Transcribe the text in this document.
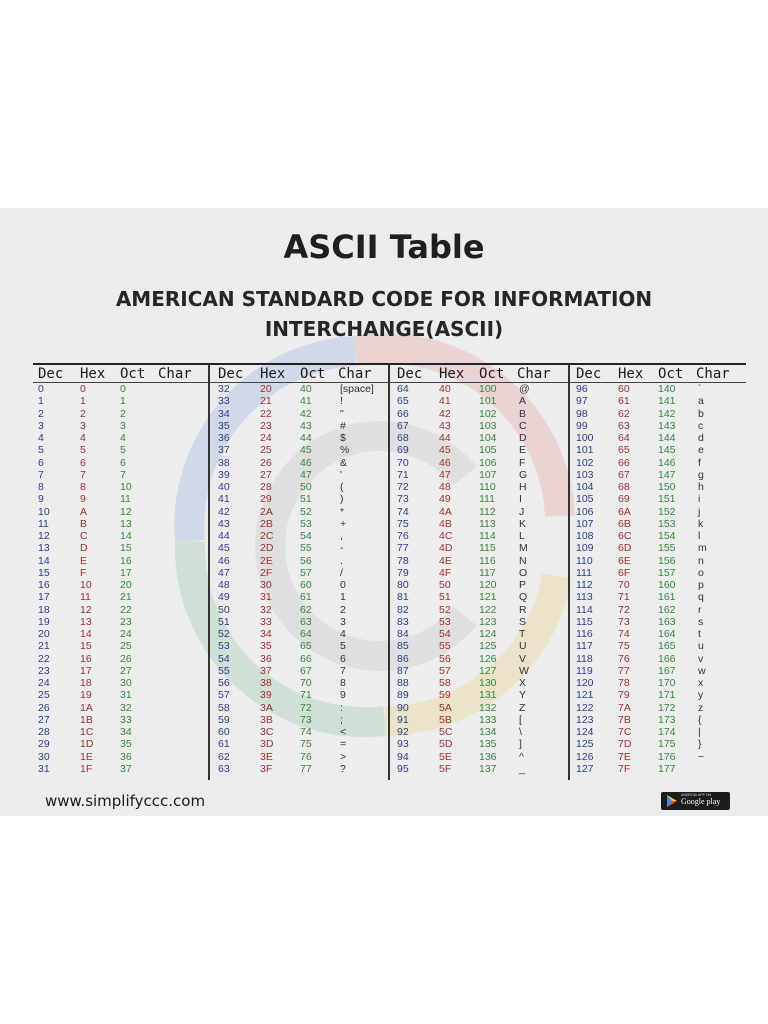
ASCII Table
AMERICAN STANDARD CODE FOR INFORMATION
INTERCHANGE(ASCII)
Dec Hex Oct Char
0	0	0
1	1	1
2	2	2
3	3	3
4	4	4
5	5	5
6	6	6
7	7	7
8	8	10
9	9	11
10	A	12
11	B	13
12	C	14
13	D	15
14	E	16
15	F	17
16	10	20
17	11	21
18	12	22
19	13	23
20	14	24
21	15	25
22	16	26
23	17	27
24	18	30
25	19	31
26	1A	32
27	1B	33
28	1C	34
29	1D	35
30	1E	36
31	1F	37
Dec Hex Oct Char
32	20	40	[space]
33	21	41	!
34	22	42	"
35	23	43	#
36	24	44	$
37	25	45	%
38	26	46	&
39	27	47	'
40	28	50	(
41	29	51	)
42	2A	52	*
43	2B	53	+
44	2C	54	,
45	2D	55	-
46	2E	56	.
47	2F	57	/
48	30	60	0
49	31	61	1
50	32	62	2
51	33	63	3
52	34	64	4
53	35	65	5
54	36	66	6
55	37	67	7
56	38	70	8
57	39	71	9
58	3A	72	:
59	3B	73	;
60	3C	74	<
61	3D	75	=
62	3E	76	>
63	3F	77	?
Dec Hex Oct Char
64	40	100 @
65	41	101 A
66	42	102 B
67	43	103 C
68	44	104 D
69	45	105 E
70	46	106 F
71	47	107 G
72	48	110 H
73	49	111 I
74	4A	112 J
75	4B	113 K
76	4C	114 L
77	4D	115 M
78	4E	116 N
79	4F	117 O
80	50	120 P
81	51	121 Q
82	52	122 R
83	53	123 S
84	54	124 T
85	55	125 U
86	56	126 V
87	57	127 W
88	58	130 X
89	59	131 Y
90	5A	132 Z
91	5B	133 [
92	5C	134 \
93	5D	135 ]
94	5E	136 ^
95	5F	137 _
Dec Hex Oct Char
96	60	140 `
97	61	141 a
98	62	142 b
99	63	143 c
100 64	144 d
101 65	145 e
102 66	146 f
103 67	147 g
104 68	150 h
105 69	151 i
106 6A	152 j
107 6B	153 k
108 6C	154 l
109 6D	155 m
110 6E	156 n
111 6F	157 o
112 70	160 p
113 71	161 q
114 72	162 r
115 73	163 s
116 74	164 t
117 75	165 u
118 76	166 v
119 77	167 w
120 78	170 x
121 79	171 y
122 7A	172 z
123 7B	173 {
124 7C	174 |
125 7D	175 }
126 7E	176 ~
127 7F	177
www.simplifyccc.com	ANDROID APP ON
Google play
